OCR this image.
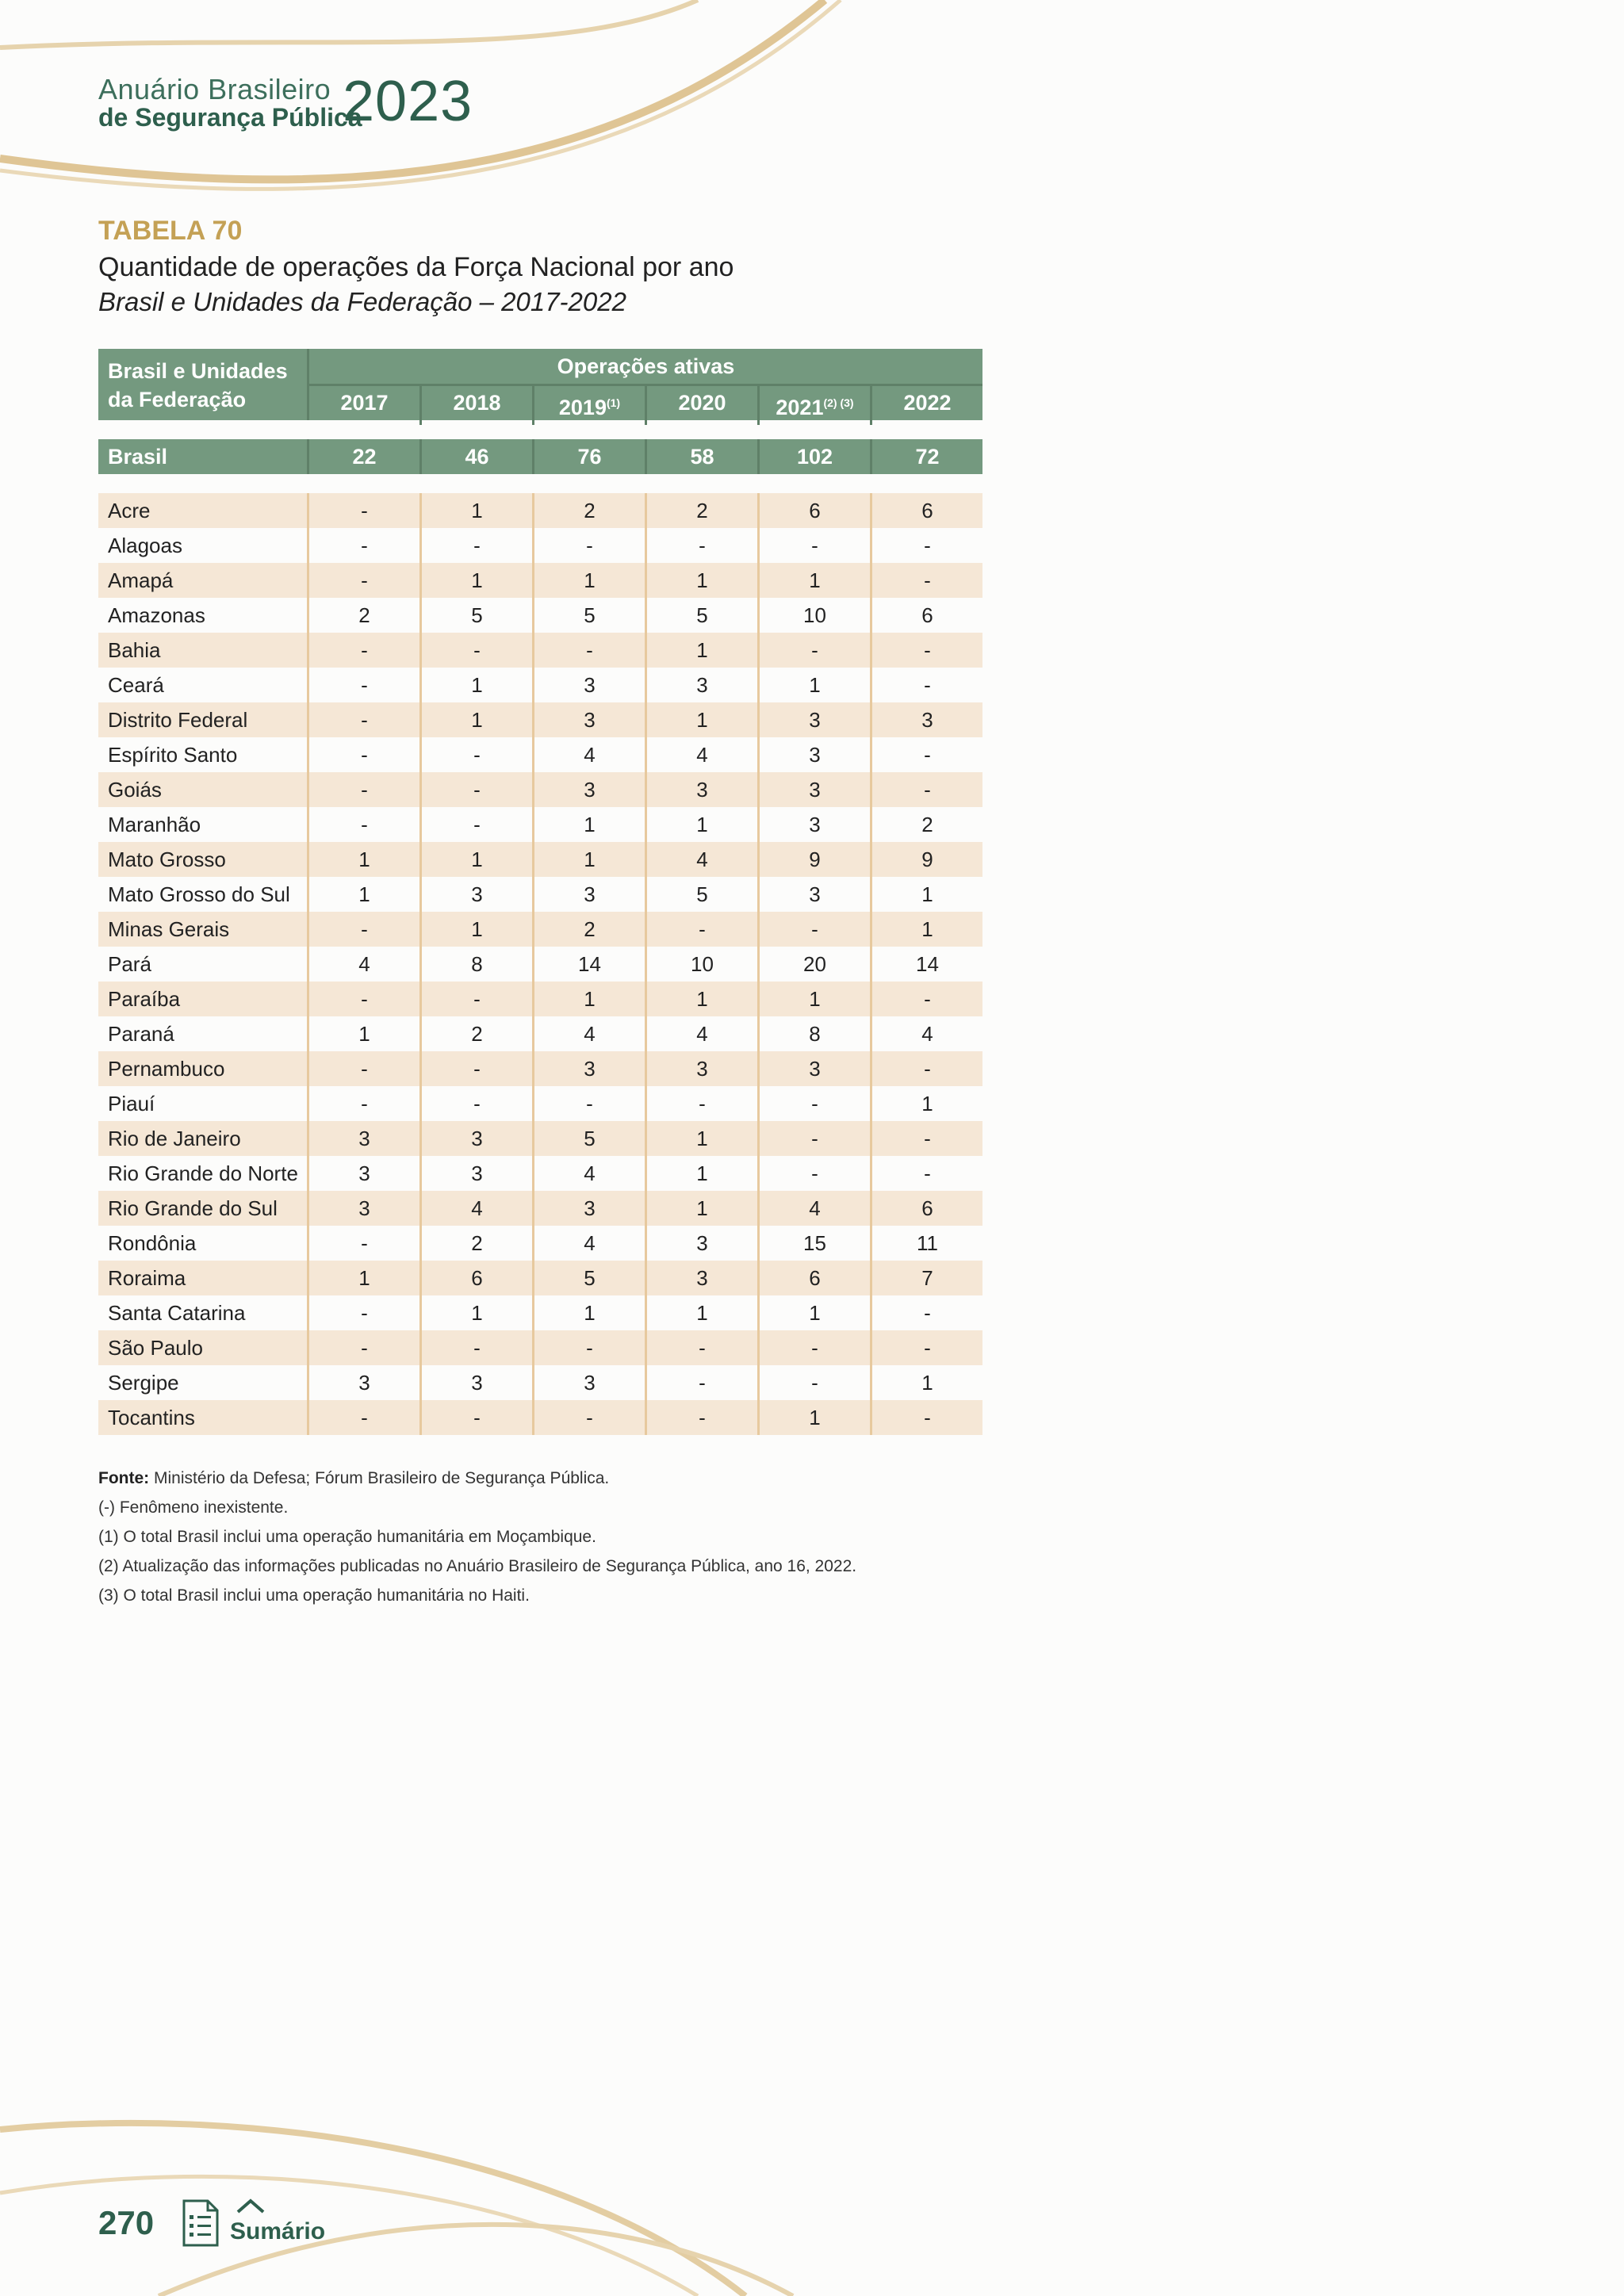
Anuário Brasileiro
de Segurança Pública
2023
TABELA 70
Quantidade de operações da Força Nacional por ano
Brasil e Unidades da Federação – 2017-2022
Brasil e Unidades da Federação
Operações ativas
2017	2018	2019$^{(1)}$	2020	$2021^{(2) (3)}$	2022
Brasil	22	46	76	58	102	72
Acre	-	1	2	2	6	6
Alagoas	-	-	-	-	-	-
Amapá	-	1	1	1	1	-
Amazonas	2	5	5	5	10	6
Bahia	-	-	-	1	-	-
Ceará	-	1	3	3	1	-
Distrito Federal	-	1	3	1	3	3
Espírito Santo	-	-	4	4	3	-
Goiás	-	-	3	3	3	-
Maranhão	-	-	1	1	3	2
Mato Grosso	1	1	1	4	9	9
Mato Grosso do Sul	1	3	3	5	3	1
Minas Gerais	-	1	2	-	-	1
Pará	4	8	14	10	20	14
Paraíba	-	-	1	1	1	-
Paraná	1	2	4	4	8	4
Pernambuco	-	-	3	3	3	-
Piauí	-	-	-	-	-	1
Rio de Janeiro	3	3	5	1	-	-
Rio Grande do Norte	3	3	4	1	-	-
Rio Grande do Sul	3	4	3	1	4	6
Rondônia	-	2	4	3	15	11
Roraima	1	6	5	3	6	7
Santa Catarina	-	1	1	1	1	-
São Paulo	-	-	-	-	-	-
Sergipe	3	3	3	-	-	1
Tocantins	-	-	-	-	1	-
Fonte: Ministério da Defesa; Fórum Brasileiro de Segurança Pública.
(-) Fenômeno inexistente.
(1) O total Brasil inclui uma operação humanitária em Moçambique.
(2) Atualização das informações publicadas no Anuário Brasileiro de Segurança Pública, ano 16, 2022.
(3) O total Brasil inclui uma operação humanitária no Haiti.
270	Sumário
